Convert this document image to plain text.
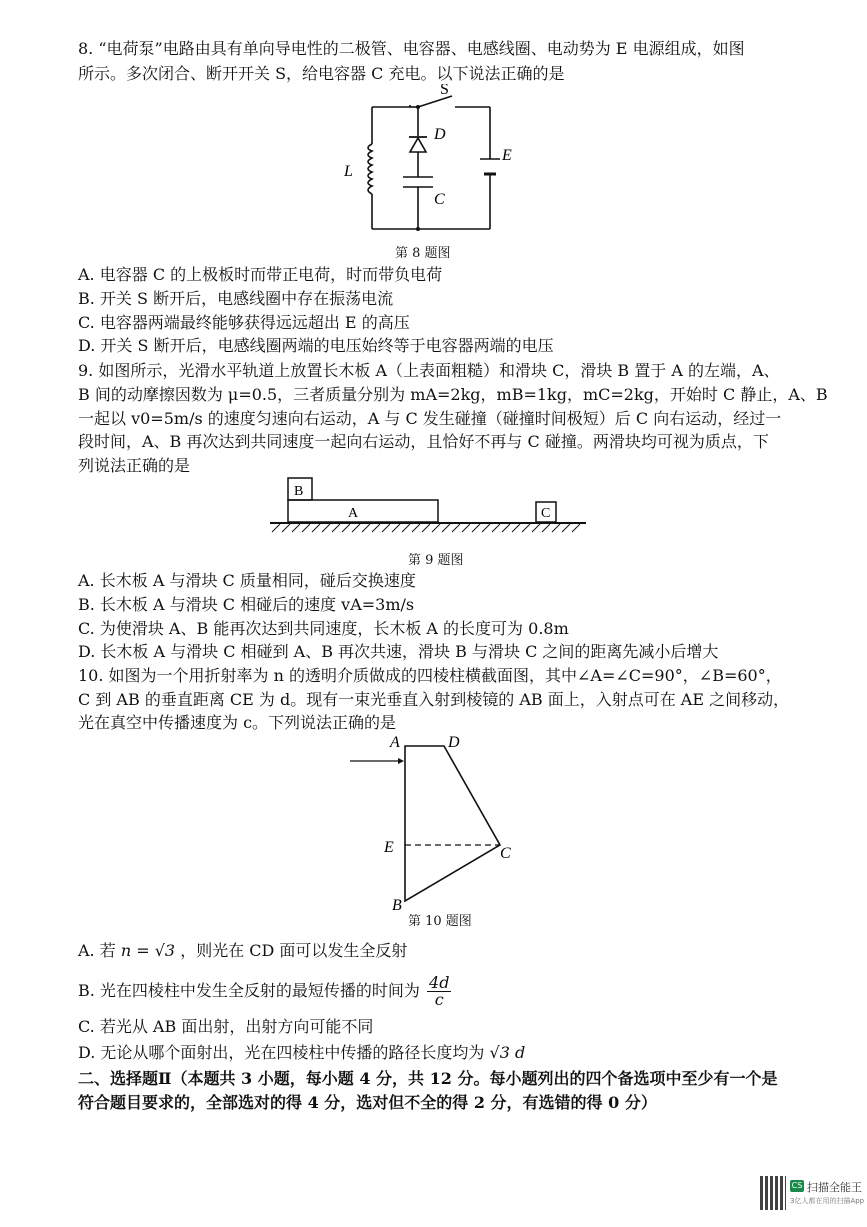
8. “电荷泵”电路由具有单向导电性的二极管、电容器、电感线圈、电动势为 E 电源组成，如图
所示。多次闭合、断开开关 S，给电容器 C 充电。以下说法正确的是
S
D
L
C
E
第 8 题图
A. 电容器 C 的上极板时而带正电荷，时而带负电荷
B. 开关 S 断开后，电感线圈中存在振荡电流
C. 电容器两端最终能够获得远远超出 E 的高压
D. 开关 S 断开后，电感线圈两端的电压始终等于电容器两端的电压
9. 如图所示，光滑水平轨道上放置长木板 A（上表面粗糙）和滑块 C，滑块 B 置于 A 的左端，A、
B 间的动摩擦因数为 μ=0.5，三者质量分别为 mA=2kg，mB=1kg，mC=2kg，开始时 C 静止，A、B
一起以 v0=5m/s 的速度匀速向右运动，A 与 C 发生碰撞（碰撞时间极短）后 C 向右运动，经过一
段时间，A、B 再次达到共同速度一起向右运动，且恰好不再与 C 碰撞。两滑块均可视为质点，下
列说法正确的是
B
A	C
第 9 题图
A. 长木板 A 与滑块 C 质量相同，碰后交换速度
B. 长木板 A 与滑块 C 相碰后的速度 vA=3m/s
C. 为使滑块 A、B 能再次达到共同速度，长木板 A 的长度可为 0.8m
D. 长木板 A 与滑块 C 相碰到 A、B 再次共速，滑块 B 与滑块 C 之间的距离先减小后增大
10. 如图为一个用折射率为 n 的透明介质做成的四棱柱横截面图，其中∠A=∠C=90°，∠B=60°，
C 到 AB 的垂直距离 CE 为 d。现有一束光垂直入射到棱镜的 AB 面上，入射点可在 AE 之间移动，
光在真空中传播速度为 c。下列说法正确的是
A	D
E	C
B
第 10 题图
A. 若 n = √3 ，则光在 CD 面可以发生全反射
B. 光在四棱柱中发生全反射的最短传播的时间为 $\frac{4d}{c}$
C. 若光从 AB 面出射，出射方向可能不同
D. 无论从哪个面射出，光在四棱柱中传播的路径长度均为 √3 d
二、选择题Ⅱ（本题共 3 小题，每小题 4 分，共 12 分。每小题列出的四个备选项中至少有一个是
符合题目要求的，全部选对的得 4 分，选对但不全的得 2 分，有选错的得 0 分）
CS 扫描全能王
3亿人都在用的扫描App
